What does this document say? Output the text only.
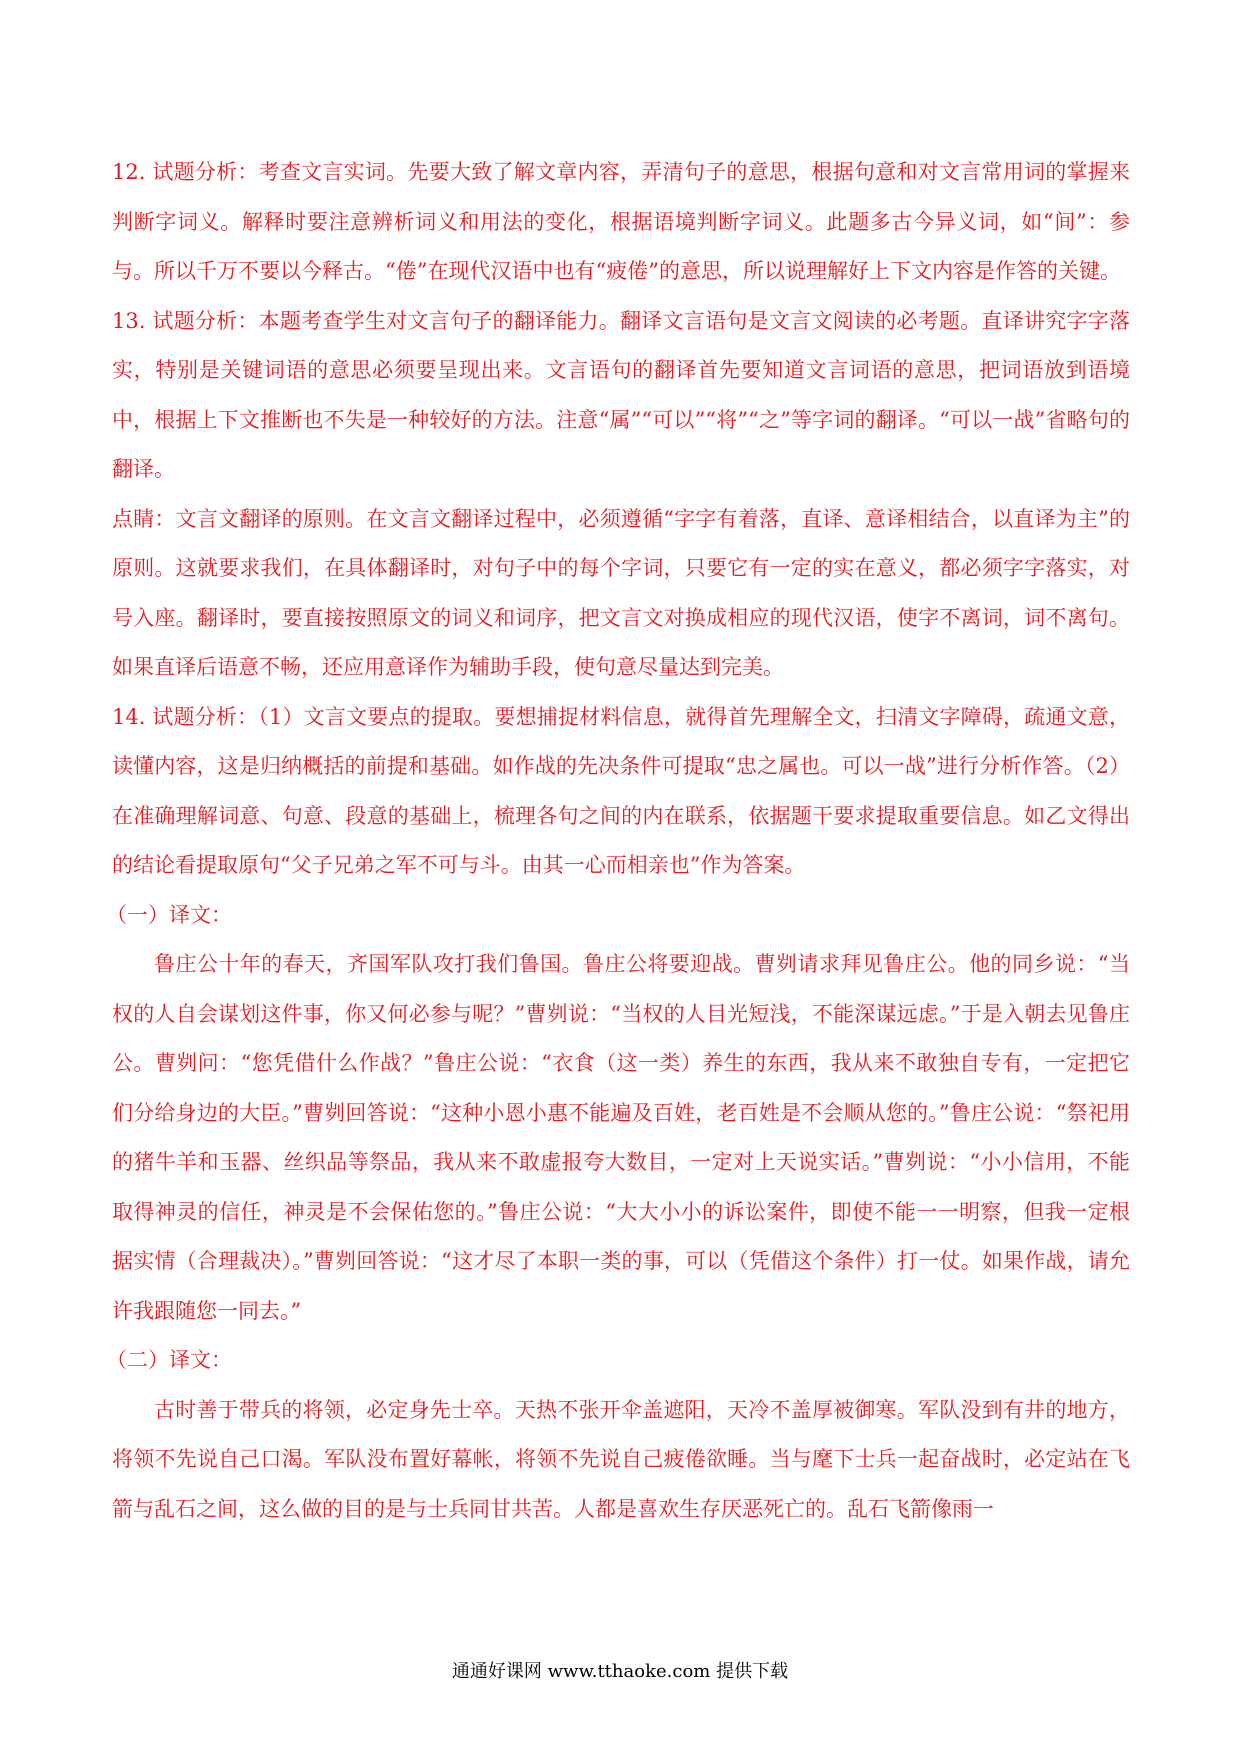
12. 试题分析：考查文言实词。先要大致了解文章内容，弄清句子的意思，根据句意和对文言常用词的掌握来判断字词义。解释时要注意辨析词义和用法的变化，根据语境判断字词义。此题多古今异义词，如“间”：参与。所以千万不要以今释古。“倦”在现代汉语中也有“疲倦”的意思，所以说理解好上下文内容是作答的关键。

13. 试题分析：本题考查学生对文言句子的翻译能力。翻译文言语句是文言文阅读的必考题。直译讲究字字落实，特别是关键词语的意思必须要呈现出来。文言语句的翻译首先要知道文言词语的意思，把词语放到语境中，根据上下文推断也不失是一种较好的方法。注意“属”“可以”“将”“之”等字词的翻译。“可以一战”省略句的翻译。

点睛：文言文翻译的原则。在文言文翻译过程中，必须遵循“字字有着落，直译、意译相结合，以直译为主”的原则。这就要求我们，在具体翻译时，对句子中的每个字词，只要它有一定的实在意义，都必须字字落实，对号入座。翻译时，要直接按照原文的词义和词序，把文言文对换成相应的现代汉语，使字不离词，词不离句。如果直译后语意不畅，还应用意译作为辅助手段，使句意尽量达到完美。

14. 试题分析：（1）文言文要点的提取。要想捕捉材料信息，就得首先理解全文，扫清文字障碍，疏通文意，读懂内容，这是归纳概括的前提和基础。如作战的先决条件可提取“忠之属也。可以一战”进行分析作答。（2）在准确理解词意、句意、段意的基础上，梳理各句之间的内在联系，依据题干要求提取重要信息。如乙文得出的结论看提取原句“父子兄弟之军不可与斗。由其一心而相亲也”作为答案。

（一）译文：

鲁庄公十年的春天，齐国军队攻打我们鲁国。鲁庄公将要迎战。曹刿请求拜见鲁庄公。他的同乡说：“当权的人自会谋划这件事，你又何必参与呢？”曹刿说：“当权的人目光短浅，不能深谋远虑。”于是入朝去见鲁庄公。曹刿问：“您凭借什么作战？”鲁庄公说：“衣食（这一类）养生的东西，我从来不敢独自专有，一定把它们分给身边的大臣。”曹刿回答说：“这种小恩小惠不能遍及百姓，老百姓是不会顺从您的。”鲁庄公说：“祭祀用的猪牛羊和玉器、丝织品等祭品，我从来不敢虚报夸大数目，一定对上天说实话。”曹刿说：“小小信用，不能取得神灵的信任，神灵是不会保佑您的。”鲁庄公说：“大大小小的诉讼案件，即使不能一一明察，但我一定根据实情（合理裁决）。”曹刿回答说：“这才尽了本职一类的事，可以（凭借这个条件）打一仗。如果作战，请允许我跟随您一同去。”

（二）译文：

古时善于带兵的将领，必定身先士卒。天热不张开伞盖遮阳，天冷不盖厚被御寒。军队没到有井的地方，将领不先说自己口渴。军队没布置好幕帐，将领不先说自己疲倦欲睡。当与麾下士兵一起奋战时，必定站在飞箭与乱石之间，这么做的目的是与士兵同甘共苦。人都是喜欢生存厌恶死亡的。乱石飞箭像雨一

通通好课网 www.tthaoke.com 提供下载
